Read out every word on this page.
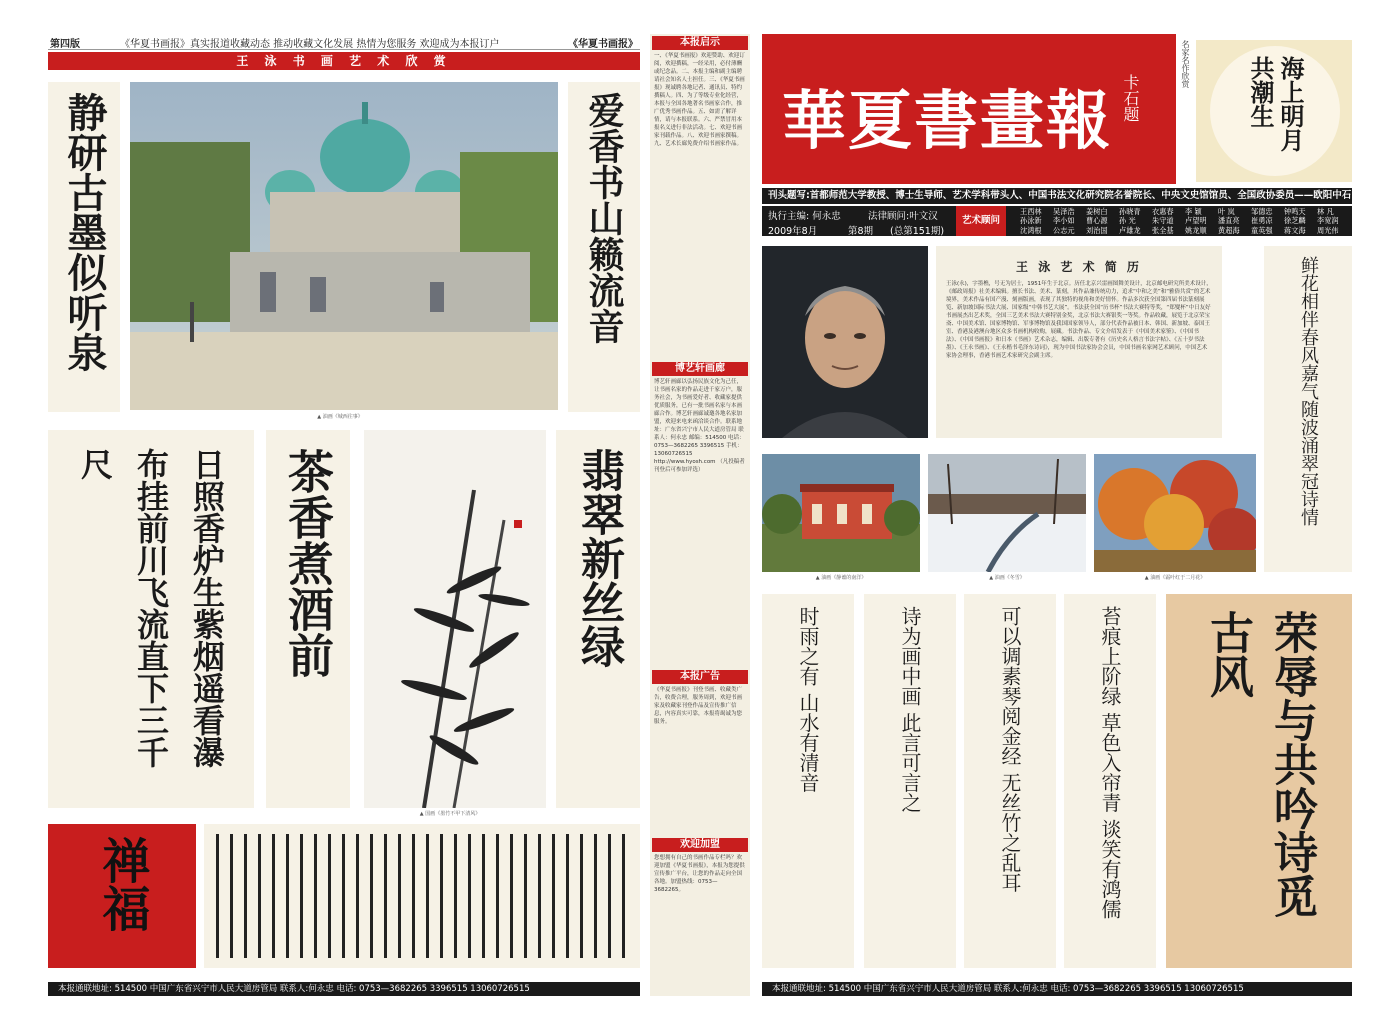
第四版	《华夏书画报》真实报道收藏动态 推动收藏文化发展 热情为您服务 欢迎成为本报订户	《华夏书画报》
王 泳 书 画 艺 术 欣 赏
静研古墨似听泉
▲ 油画《城西往事》
爱香书山籁流音
日照香炉生紫烟遥看瀑布挂前川飞流直下三千尺	茶香煮酒前
▲ 国画《墨竹不甲下清风》
翡翠新丝绿
禅福
本报通联地址: 514500 中国广东省兴宁市人民大道房管局 联系人:何永忠 电话: 0753—3682265 3396515 13060726515
本报启示
一、《华夏书画报》欢迎赞助、欢迎订阅，欢迎撰稿，一经采用，必付薄酬或纪念品。二、本报主编和副主编聘请社会知名人士担任。三、《华夏书画报》现诚聘各地记者、通讯员、特约撰稿人。四、为了等级专业化经营，本报与全国各地著名书画家合作，推广优秀书画作品。五、如需了解详情，请与本报联系。六、严禁冒用本报名义进行非法活动。七、欢迎书画家刊载作品。八、欢迎书画家撰稿。九、艺术长廊免费介绍书画家作品。
博艺轩画廊
博艺轩画廊以弘扬民族文化为己任，让书画名家的作品走进千家万户，服务社会，为书画爱好者、收藏家提供优质服务，已有一批书画名家与本画廊合作。博艺轩画廊诚邀各地名家加盟，欢迎来电来函洽谈合作。联系地址：广东省兴宁市人民大道房管局 联系人：何永忠 邮编：514500 电话：0753—3682265 3396515 手机：13060726515 http://www.hyosh.com （凡投稿者刊登后可参加评选）
本报广告
《华夏书画报》刊登书画、收藏类广告，收费合理，服务周到，欢迎书画家及收藏家刊登作品及宣传推广信息，内容真实可靠，本报将竭诚为您服务。
欢迎加盟
您想拥有自己的书画作品专栏吗？欢迎加盟《华夏书画报》，本报为您提供宣传推广平台，让您的作品走向全国各地。加盟热线：0753—3682265。
華夏書畫報 卡石题
名家名作欣赏	海上明月共潮生
刊头题写:首都师范大学教授、博士生导师、艺术学科带头人、中国书法文化研究院名誉院长、中央文史馆馆员、全国政协委员——欧阳中石
执行主编: 何永忠	法律顾问:叶文汉
2009年8月	第8期 (总第151期)
艺术顾问
王西林	吴泽浩	姜树白	孙晓青	衣惠春	李 颖	叶 岚	邹德忠	钟鸣天	林 凡
孙泳新	李小如	曹心源	孙 光	朱守道	卢望明	潘直亮	崔勇凉	徐芝麟	李宽润
沈鸿根	公志元	刘治国	卢雄龙	张全基	姚龙顺	黄超海	童英强	蒋文海	周光伟
王 泳 艺 术 简 历
王泳(永)，字墨樵，号无为居士，1951年生于北京。历任北京兴雷画图舞美设计，北京邮电研究所美术设计，《邮政周报》社美术编辑。擅长书法、美术、篆刻，其作品兼传统功力，追求“中和之美”和“雅俗共赏”的艺术境界，美术作品有国产漫、刻画版画，表现了其独特的视角和美好情怀。作品多次获全国第四届书法篆刻展览、新加坡国际书法大展、国家级“中韩书艺大展”。书法获全国“历书杯”书法大赛特等奖，“郑燮杯”中日友好书画展杰出艺术奖，全国三艺美术书法大赛特别金奖，北京书法大赛银奖一等奖。作品收藏，展览于北京荣宝斋、中国美术馆、国家博物馆、军事博物馆及我国国家领导人，部分代表作品被日本、韩国、新加坡、泰国王室、香港及港澳台地区众多书画机构收购，展藏。书法作品、专文介绍发表于《中国美术家鉴》、《中国书法》、《中国书画报》和日本《书画》艺术杂志，编辑、出版专著有《历史名人格言书法字帖》、《五十岁书法墨》、《王永书画》、《王永楷书毛泽东诗词》，现为中国书法家协会会员，中国书画名家网艺术顾问，中国艺术家协会理事，香港书画艺术家研究会副主席。	鲜花相伴春风嘉气随波涌翠冠诗情
▲ 油画《静谧的南洋》	▲ 油画《冬雪》	▲ 油画《霜叶红于二月花》
时雨之有 山水有清音	诗为画中画 此言可言之	可以调素琴阅金经 无丝竹之乱耳	苔痕上阶绿 草色入帘青 谈笑有鸿儒	荣辱与共吟诗觅古风
本报通联地址: 514500 中国广东省兴宁市人民大道房管局 联系人:何永忠 电话: 0753—3682265 3396515 13060726515
